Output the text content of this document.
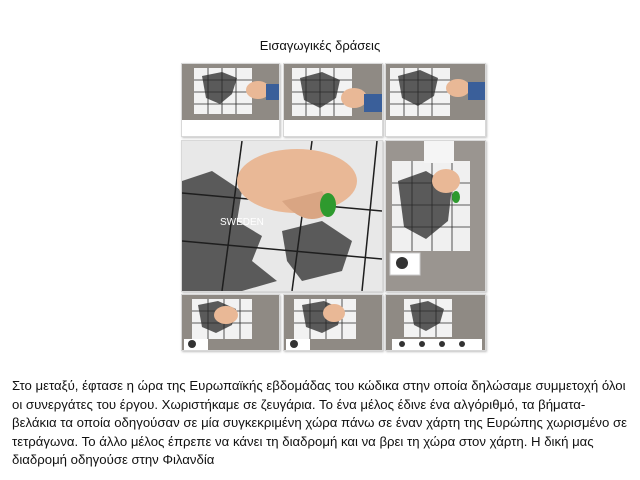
Εισαγωγικές δράσεις
SWEDEN

Στο μεταξύ, έφτασε η ώρα της Ευρωπαϊκής εβδομάδας του κώδικα στην οποία δηλώσαμε συμμετοχή όλοι οι συνεργάτες του έργου. Χωριστήκαμε σε ζευγάρια. Το ένα μέλος έδινε ένα αλγόριθμό, τα βήματα-βελάκια τα οποία οδηγούσαν σε μία συγκεκριμένη χώρα πάνω σε έναν χάρτη της Ευρώπης χωρισμένο σε τετράγωνα. Το άλλο μέλος έπρεπε να κάνει τη διαδρομή και να βρει τη χώρα στον χάρτη. Η δική μας διαδρομή οδηγούσε στην Φιλανδία
